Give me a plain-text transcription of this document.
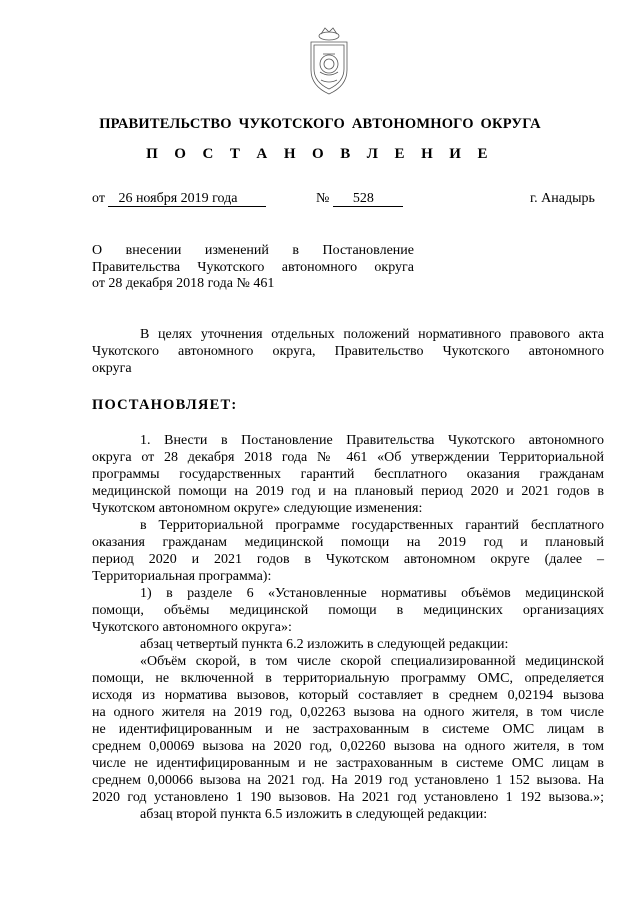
ПРАВИТЕЛЬСТВО ЧУКОТСКОГО АВТОНОМНОГО ОКРУГА
П О С Т А Н О В Л Е Н И Е
от 26 ноября 2019 года	№ 528	г. Анадырь
О внесении изменений в Постановление
Правительства Чукотского автономного округа
от 28 декабря 2018 года № 461
В целях уточнения отдельных положений нормативного правового акта
Чукотского автономного округа, Правительство Чукотского автономного
округа
ПОСТАНОВЛЯЕТ:
1. Внести в Постановление Правительства Чукотского автономного
округа от 28 декабря 2018 года № 461 «Об утверждении Территориальной
программы государственных гарантий бесплатного оказания гражданам
медицинской помощи на 2019 год и на плановый период 2020 и 2021 годов в
Чукотском автономном округе» следующие изменения:
в Территориальной программе государственных гарантий бесплатного
оказания гражданам медицинской помощи на 2019 год и плановый
период 2020 и 2021 годов в Чукотском автономном округе (далее –
Территориальная программа):
1) в разделе 6 «Установленные нормативы объёмов медицинской
помощи, объёмы медицинской помощи в медицинских организациях
Чукотского автономного округа»:
абзац четвертый пункта 6.2 изложить в следующей редакции:
«Объём скорой, в том числе скорой специализированной медицинской
помощи, не включенной в территориальную программу ОМС, определяется
исходя из норматива вызовов, который составляет в среднем 0,02194 вызова
на одного жителя на 2019 год, 0,02263 вызова на одного жителя, в том числе
не идентифицированным и не застрахованным в системе ОМС лицам в
среднем 0,00069 вызова на 2020 год, 0,02260 вызова на одного жителя, в том
числе не идентифицированным и не застрахованным в системе ОМС лицам в
среднем 0,00066 вызова на 2021 год. На 2019 год установлено 1 152 вызова. На
2020 год установлено 1 190 вызовов. На 2021 год установлено 1 192 вызова.»;
абзац второй пункта 6.5 изложить в следующей редакции:
